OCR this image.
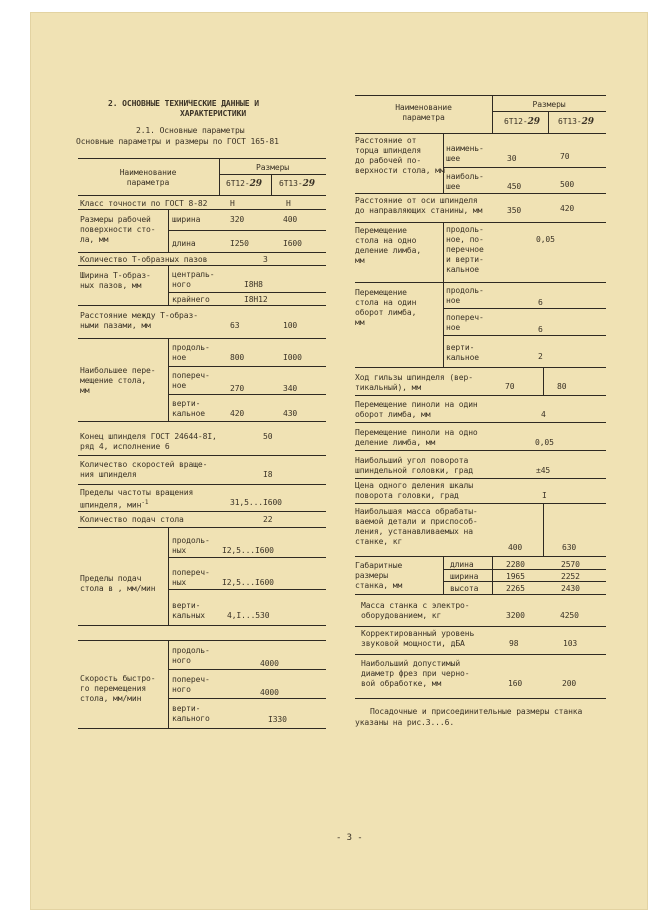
2. ОСНОВНЫЕ ТЕХНИЧЕСКИЕ ДАННЫЕ И
ХАРАКТЕРИСТИКИ
2.1. Основные параметры
Основные параметры и размеры по ГОСТ 165-81
Наименование
параметра
Размеры
6Т12-29 6Т13-29
Класс точности по ГОСТ 8-82	Н	Н
Размеры рабочей
поверхности сто-
ла, мм
ширина	320	400
длина	I250	I600
Количество Т-образных пазов	3
Ширина Т-образ-
ных пазов, мм
централь-
ного	I8Н8
крайнего	I8Н12
Расстояние между Т-образ-
ными пазами, мм	63	100
Наибольшее пере-
мещение стола,
мм
продоль-
ное	800	I000
попереч-
ное	270	340
верти-
кальное	420	430
Конец шпинделя ГОСТ 24644-8I,
ряд 4, исполнение 6
50
Количество скоростей враще-
ния шпинделя	I8
Пределы частоты вращения
шпинделя, мин$^{-1}$	31,5...I600
Количество подач стола	22
Пределы подач
стола в , мм/мин
продоль-
ных	I2,5...I600
попереч-
ных	I2,5...I600
верти-
кальных	4,I...530
Скорость быстро-
го перемещения
стола, мм/мин
продоль-
ного	4000
попереч-
ного	4000
верти-
кального	I330
Наименование
параметра
Размеры
6Т12-29 6Т13-29
Расстояние от
торца шпинделя
до рабочей по-
верхности стола, мм
наимень-
шее	30	70
наиболь-
шее	450	500
Расстояние от оси шпинделя
до направляющих станины, мм	350	420
Перемещение
стола на одно
деление лимба,
мм
продоль-
ное, по-
перечное
и верти-
кальное
0,05
Перемещение
стола на один
оборот лимба,
мм
продоль-
ное	6
попереч-
ное	6
верти-
кальное	2
Ход гильзы шпинделя (вер-
тикальный), мм	70	80
Перемещение пиноли на один
оборот лимба, мм	4
Перемещение пиноли на одно
деление лимба, мм	0,05
Наибольший угол поворота
шпиндельной головки, град	±45
Цена одного деления шкалы
поворота головки, град	I
Наибольшая масса обрабаты-
ваемой детали и приспособ-
ления, устанавливаемых на
станке, кг
400	630
Габаритные
размеры
станка, мм
длина	2280	2570
ширина	1965	2252
высота	2265	2430
Масса станка с электро-
оборудованием, кг	3200	4250
Корректированный уровень
звуковой мощности, дБА	98	103
Наибольший допустимый
диаметр фрез при черно-
вой обработке, мм	160	200
Посадочные и присоединительные размеры станка
указаны на рис.3...6.
- 3 -
